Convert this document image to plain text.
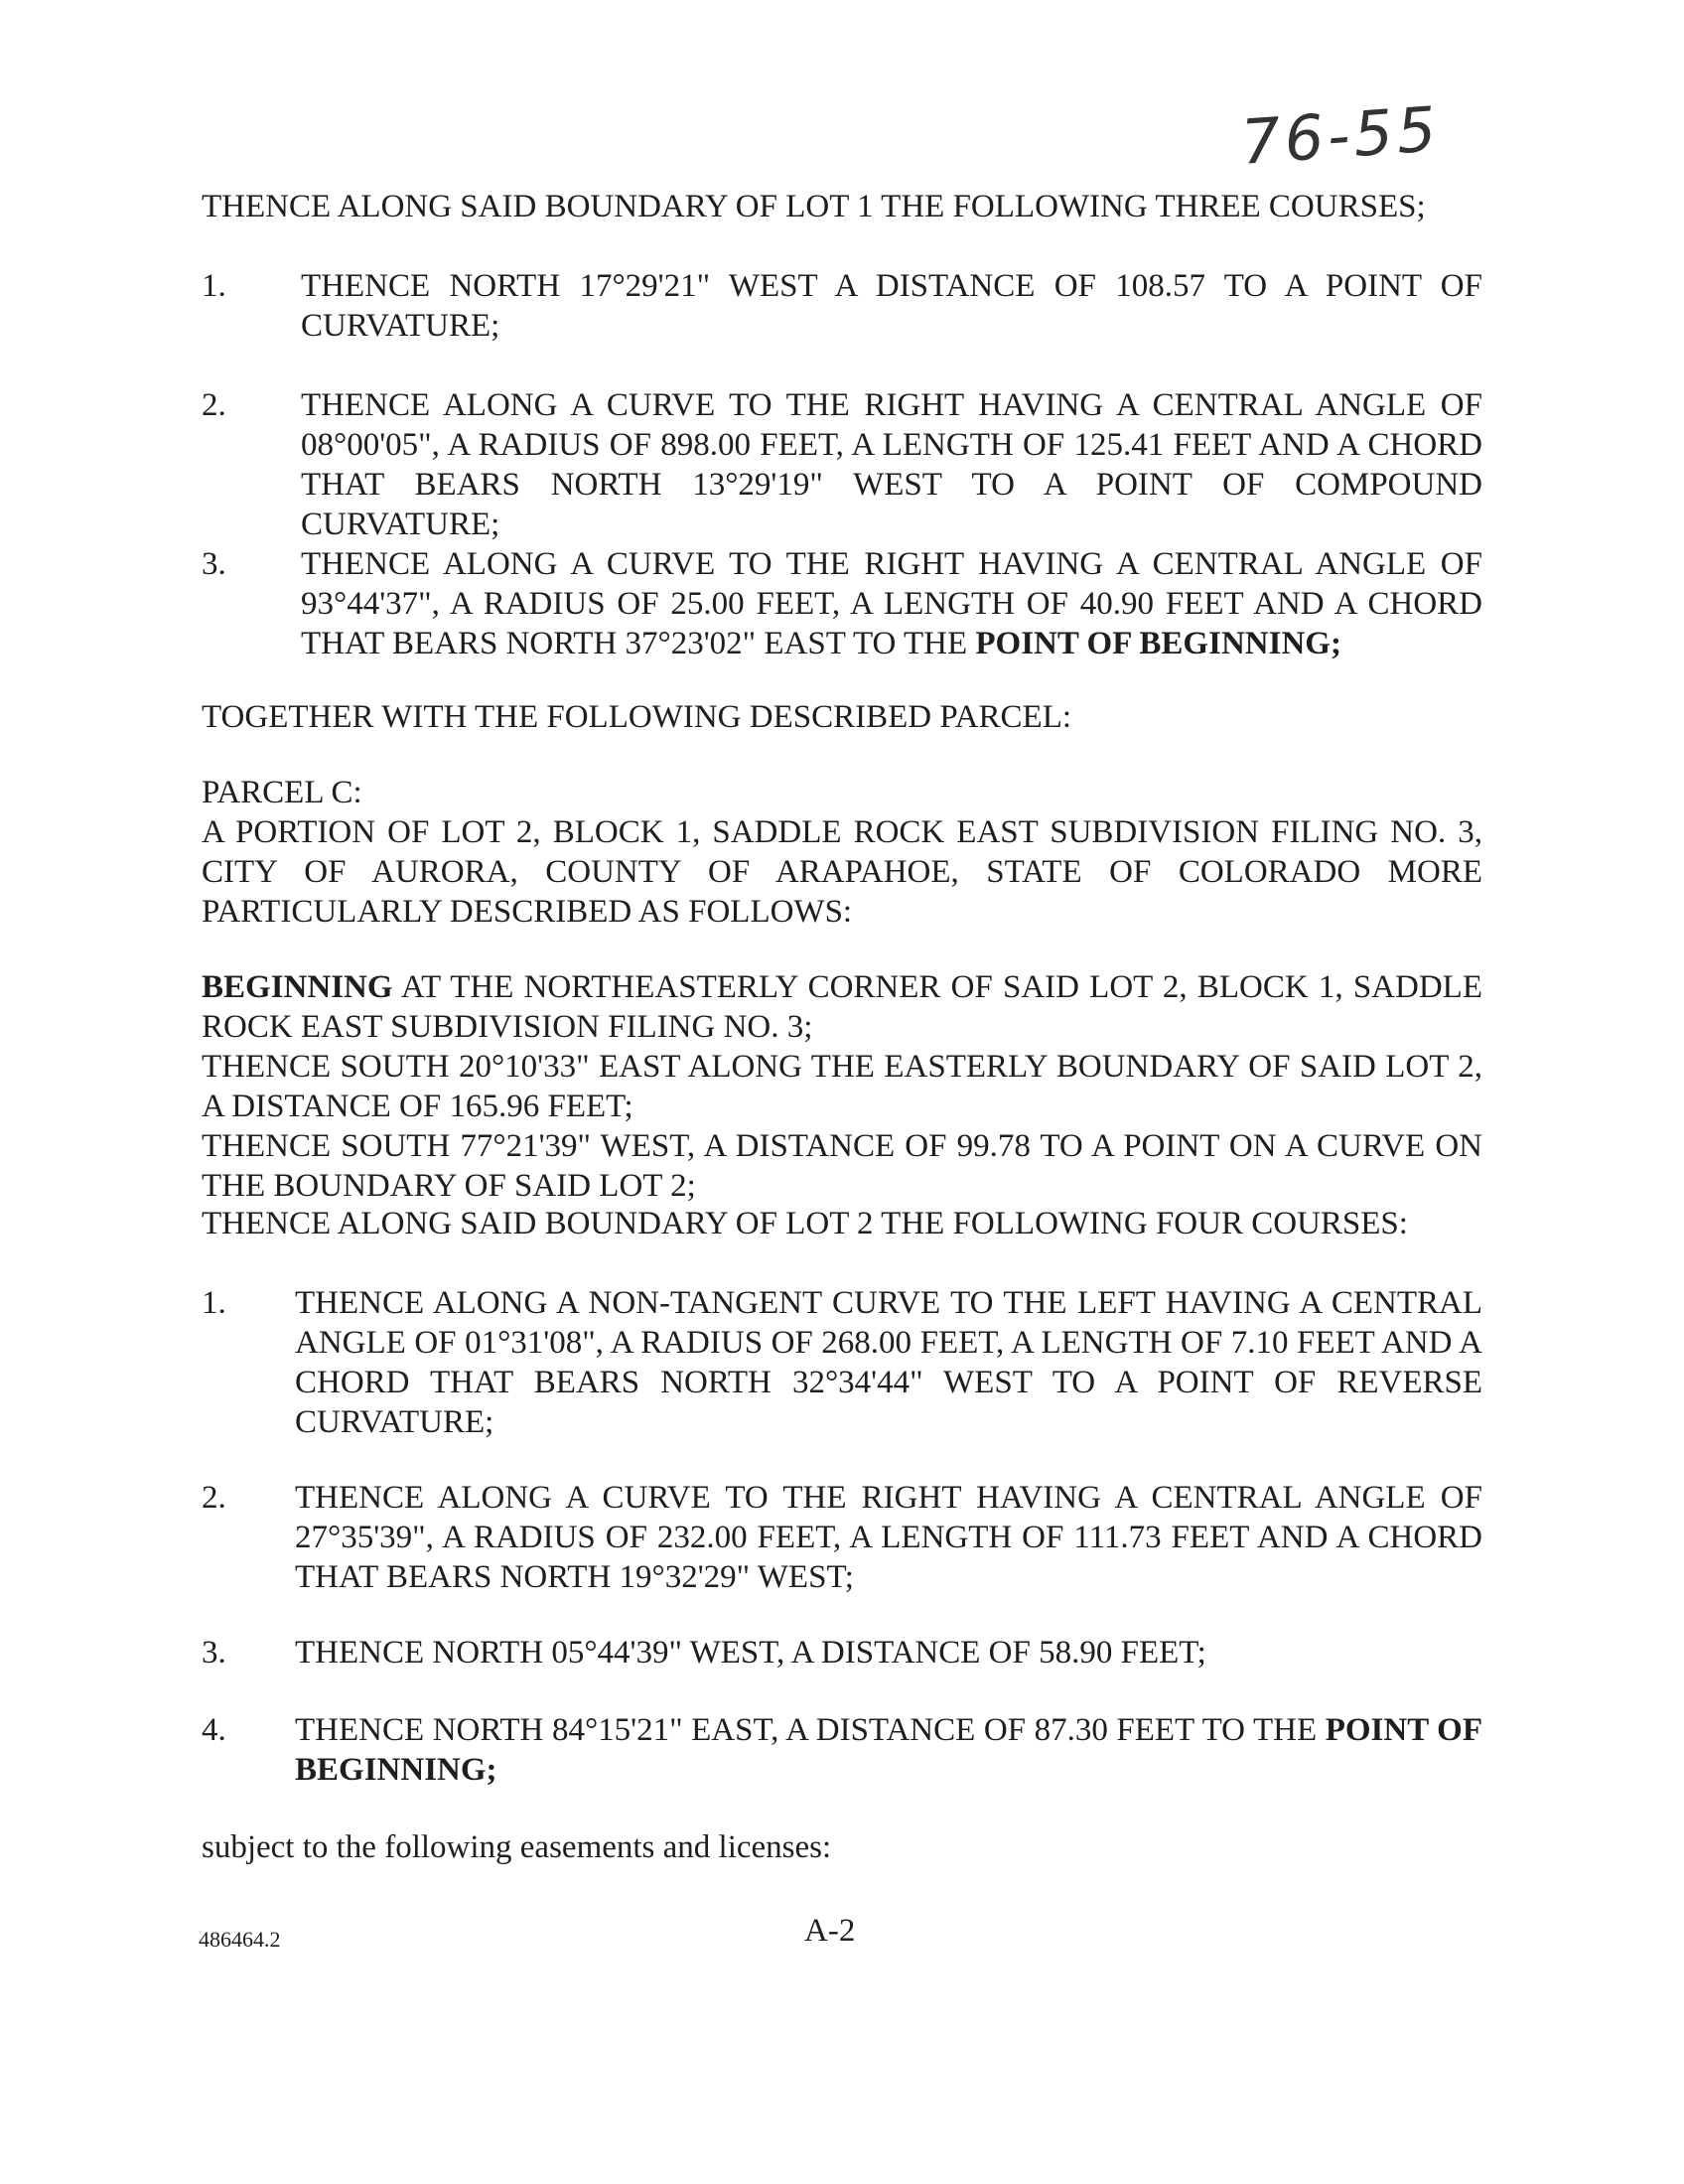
76-55

THENCE ALONG SAID BOUNDARY OF LOT 1 THE FOLLOWING THREE COURSES;

1. THENCE NORTH 17°29'21" WEST A DISTANCE OF 108.57 TO A POINT OF CURVATURE;

2. THENCE ALONG A CURVE TO THE RIGHT HAVING A CENTRAL ANGLE OF 08°00'05", A RADIUS OF 898.00 FEET, A LENGTH OF 125.41 FEET AND A CHORD THAT BEARS NORTH 13°29'19" WEST TO A POINT OF COMPOUND CURVATURE;

3. THENCE ALONG A CURVE TO THE RIGHT HAVING A CENTRAL ANGLE OF 93°44'37", A RADIUS OF 25.00 FEET, A LENGTH OF 40.90 FEET AND A CHORD THAT BEARS NORTH 37°23'02" EAST TO THE POINT OF BEGINNING;

TOGETHER WITH THE FOLLOWING DESCRIBED PARCEL:

PARCEL C:

A PORTION OF LOT 2, BLOCK 1, SADDLE ROCK EAST SUBDIVISION FILING NO. 3, CITY OF AURORA, COUNTY OF ARAPAHOE, STATE OF COLORADO MORE PARTICULARLY DESCRIBED AS FOLLOWS:

BEGINNING AT THE NORTHEASTERLY CORNER OF SAID LOT 2, BLOCK 1, SADDLE ROCK EAST SUBDIVISION FILING NO. 3;

THENCE SOUTH 20°10'33" EAST ALONG THE EASTERLY BOUNDARY OF SAID LOT 2, A DISTANCE OF 165.96 FEET;

THENCE SOUTH 77°21'39" WEST, A DISTANCE OF 99.78 TO A POINT ON A CURVE ON THE BOUNDARY OF SAID LOT 2;

THENCE ALONG SAID BOUNDARY OF LOT 2 THE FOLLOWING FOUR COURSES:

1. THENCE ALONG A NON-TANGENT CURVE TO THE LEFT HAVING A CENTRAL ANGLE OF 01°31'08", A RADIUS OF 268.00 FEET, A LENGTH OF 7.10 FEET AND A CHORD THAT BEARS NORTH 32°34'44" WEST TO A POINT OF REVERSE CURVATURE;

2. THENCE ALONG A CURVE TO THE RIGHT HAVING A CENTRAL ANGLE OF 27°35'39", A RADIUS OF 232.00 FEET, A LENGTH OF 111.73 FEET AND A CHORD THAT BEARS NORTH 19°32'29" WEST;

3. THENCE NORTH 05°44'39" WEST, A DISTANCE OF 58.90 FEET;

4. THENCE NORTH 84°15'21" EAST, A DISTANCE OF 87.30 FEET TO THE POINT OF BEGINNING;

subject to the following easements and licenses:

486464.2	A-2
